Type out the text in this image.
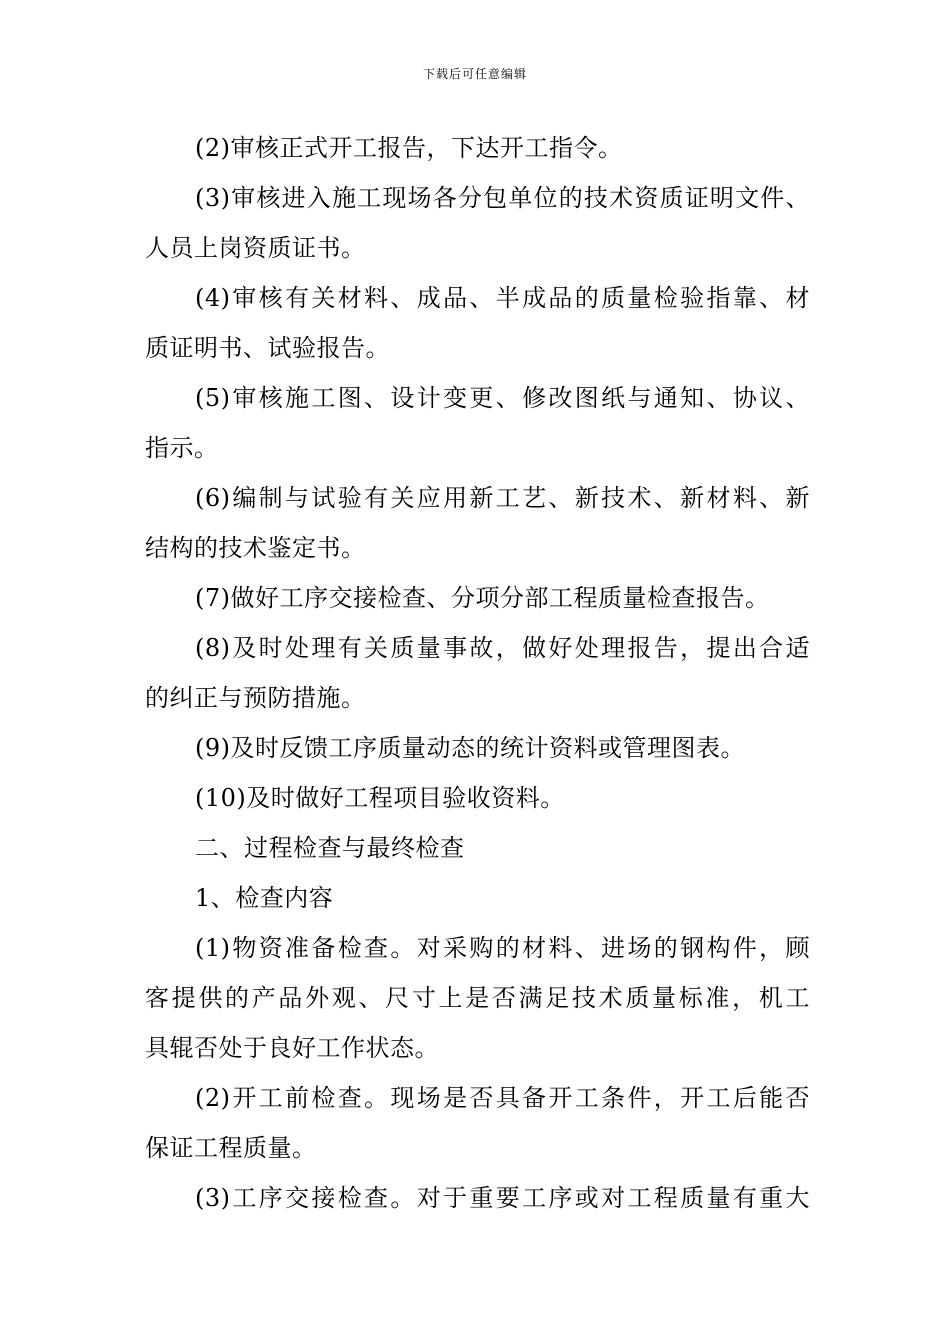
下载后可任意编辑
(2)审核正式开工报告，下达开工指令。
(3)审核进入施工现场各分包单位的技术资质证明文件、
人员上岗资质证书。
(4)审核有关材料、成品、半成品的质量检验指靠、材
质证明书、试验报告。
(5)审核施工图、设计变更、修改图纸与通知、协议、
指示。
(6)编制与试验有关应用新工艺、新技术、新材料、新
结构的技术鉴定书。
(7)做好工序交接检查、分项分部工程质量检查报告。
(8)及时处理有关质量事故，做好处理报告，提出合适
的纠正与预防措施。
(9)及时反馈工序质量动态的统计资料或管理图表。
(10)及时做好工程项目验收资料。
二、过程检查与最终检查
1、检查内容
(1)物资准备检查。对采购的材料、进场的钢构件，顾
客提供的产品外观、尺寸上是否满足技术质量标准，机工
具辊否处于良好工作状态。
(2)开工前检查。现场是否具备开工条件，开工后能否
保证工程质量。
(3)工序交接检查。对于重要工序或对工程质量有重大
